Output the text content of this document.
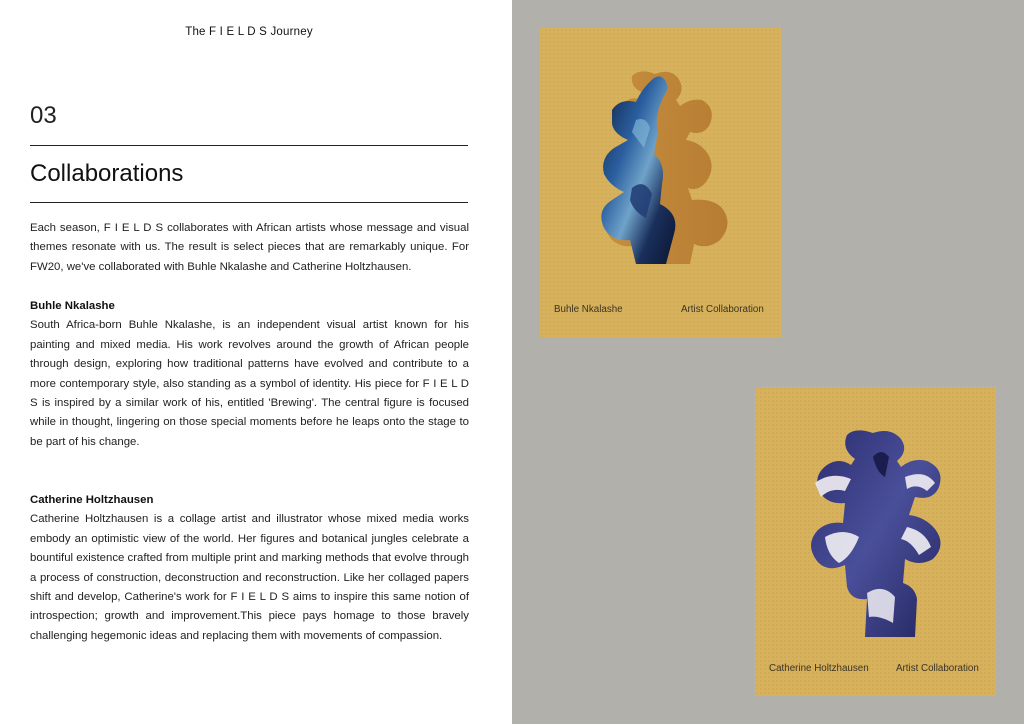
The F I E L D S Journey
03
Collaborations

Each season, F I E L D S collaborates with African artists whose message and visual themes resonate with us. The result is select pieces that are remarkably unique. For FW20, we've collaborated with Buhle Nkalashe and Catherine Holtzhausen.

Buhle Nkalashe

South Africa-born Buhle Nkalashe, is an independent visual artist known for his painting and mixed media. His work revolves around the growth of African people through design, exploring how traditional patterns have evolved and contribute to a more contemporary style, also standing as a symbol of identity. His piece for F I E L D S is inspired by a similar work of his, entitled 'Brewing'. The central figure is focused while in thought, lingering on those special moments before he leaps onto the stage to be part of his change.

Catherine Holtzhausen

Catherine Holtzhausen is a collage artist and illustrator whose mixed media works embody an optimistic view of the world. Her figures and botanical jungles celebrate a bountiful existence crafted from multiple print and marking methods that evolve through a process of construction, deconstruction and reconstruction. Like her collaged papers shift and develop, Catherine's work for F I E L D S aims to inspire this same notion of introspection; growth and improvement.This piece pays homage to those bravely challenging hegemonic ideas and replacing them with movements of compassion.

Buhle Nkalashe	Artist Collaboration
Catherine Holtzhausen	Artist Collaboration
